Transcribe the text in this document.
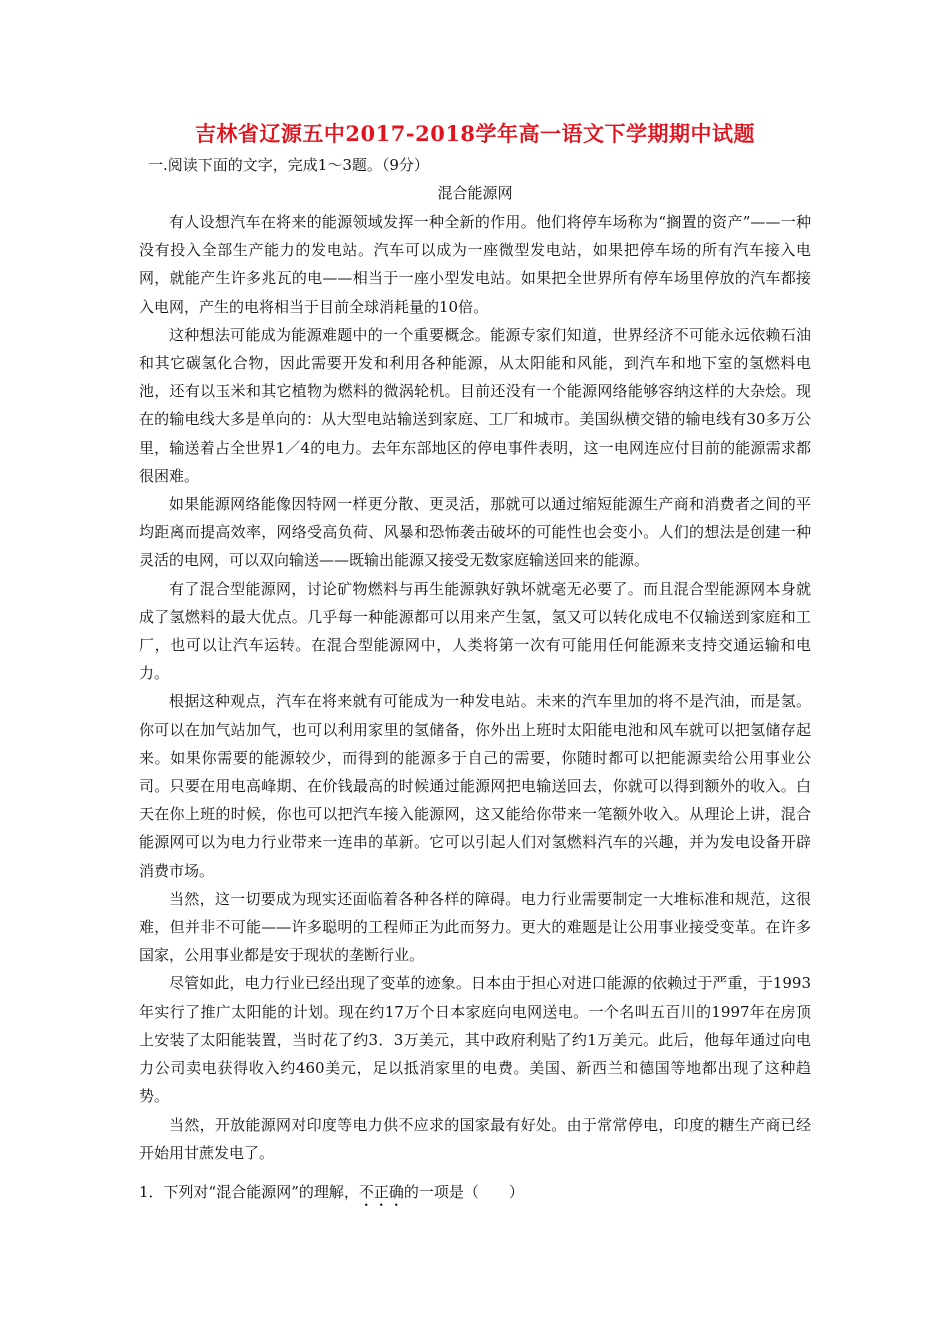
吉林省辽源五中2017-2018学年高一语文下学期期中试题
一.阅读下面的文字，完成1～3题。（9分）
混合能源网

有人设想汽车在将来的能源领域发挥一种全新的作用。他们将停车场称为“搁置的资产”——一种没有投入全部生产能力的发电站。汽车可以成为一座微型发电站，如果把停车场的所有汽车接入电网，就能产生许多兆瓦的电——相当于一座小型发电站。如果把全世界所有停车场里停放的汽车都接入电网，产生的电将相当于目前全球消耗量的10倍。

这种想法可能成为能源难题中的一个重要概念。能源专家们知道，世界经济不可能永远依赖石油和其它碳氢化合物，因此需要开发和利用各种能源，从太阳能和风能，到汽车和地下室的氢燃料电池，还有以玉米和其它植物为燃料的微涡轮机。目前还没有一个能源网络能够容纳这样的大杂烩。现在的输电线大多是单向的：从大型电站输送到家庭、工厂和城市。美国纵横交错的输电线有30多万公里，输送着占全世界1／4的电力。去年东部地区的停电事件表明，这一电网连应付目前的能源需求都很困难。

如果能源网络能像因特网一样更分散、更灵活，那就可以通过缩短能源生产商和消费者之间的平均距离而提高效率，网络受高负荷、风暴和恐怖袭击破坏的可能性也会变小。人们的想法是创建一种灵活的电网，可以双向输送——既输出能源又接受无数家庭输送回来的能源。

有了混合型能源网，讨论矿物燃料与再生能源孰好孰坏就毫无必要了。而且混合型能源网本身就成了氢燃料的最大优点。几乎每一种能源都可以用来产生氢，氢又可以转化成电不仅输送到家庭和工厂，也可以让汽车运转。在混合型能源网中，人类将第一次有可能用任何能源来支持交通运输和电力。

根据这种观点，汽车在将来就有可能成为一种发电站。未来的汽车里加的将不是汽油，而是氢。你可以在加气站加气，也可以利用家里的氢储备，你外出上班时太阳能电池和风车就可以把氢储存起来。如果你需要的能源较少，而得到的能源多于自己的需要，你随时都可以把能源卖给公用事业公司。只要在用电高峰期、在价钱最高的时候通过能源网把电输送回去，你就可以得到额外的收入。白天在你上班的时候，你也可以把汽车接入能源网，这又能给你带来一笔额外收入。从理论上讲，混合能源网可以为电力行业带来一连串的革新。它可以引起人们对氢燃料汽车的兴趣，并为发电设备开辟消费市场。

当然，这一切要成为现实还面临着各种各样的障碍。电力行业需要制定一大堆标准和规范，这很难，但并非不可能——许多聪明的工程师正为此而努力。更大的难题是让公用事业接受变革。在许多国家，公用事业都是安于现状的垄断行业。

尽管如此，电力行业已经出现了变革的迹象。日本由于担心对进口能源的依赖过于严重，于1993年实行了推广太阳能的计划。现在约17万个日本家庭向电网送电。一个名叫五百川的1997年在房顶上安装了太阳能装置，当时花了约3．3万美元，其中政府利贴了约1万美元。此后，他每年通过向电力公司卖电获得收入约460美元，足以抵消家里的电费。美国、新西兰和德国等地都出现了这种趋势。

当然，开放能源网对印度等电力供不应求的国家最有好处。由于常常停电，印度的糖生产商已经开始用甘蔗发电了。

1．下列对“混合能源网”的理解，不正确的一项是（　　）
